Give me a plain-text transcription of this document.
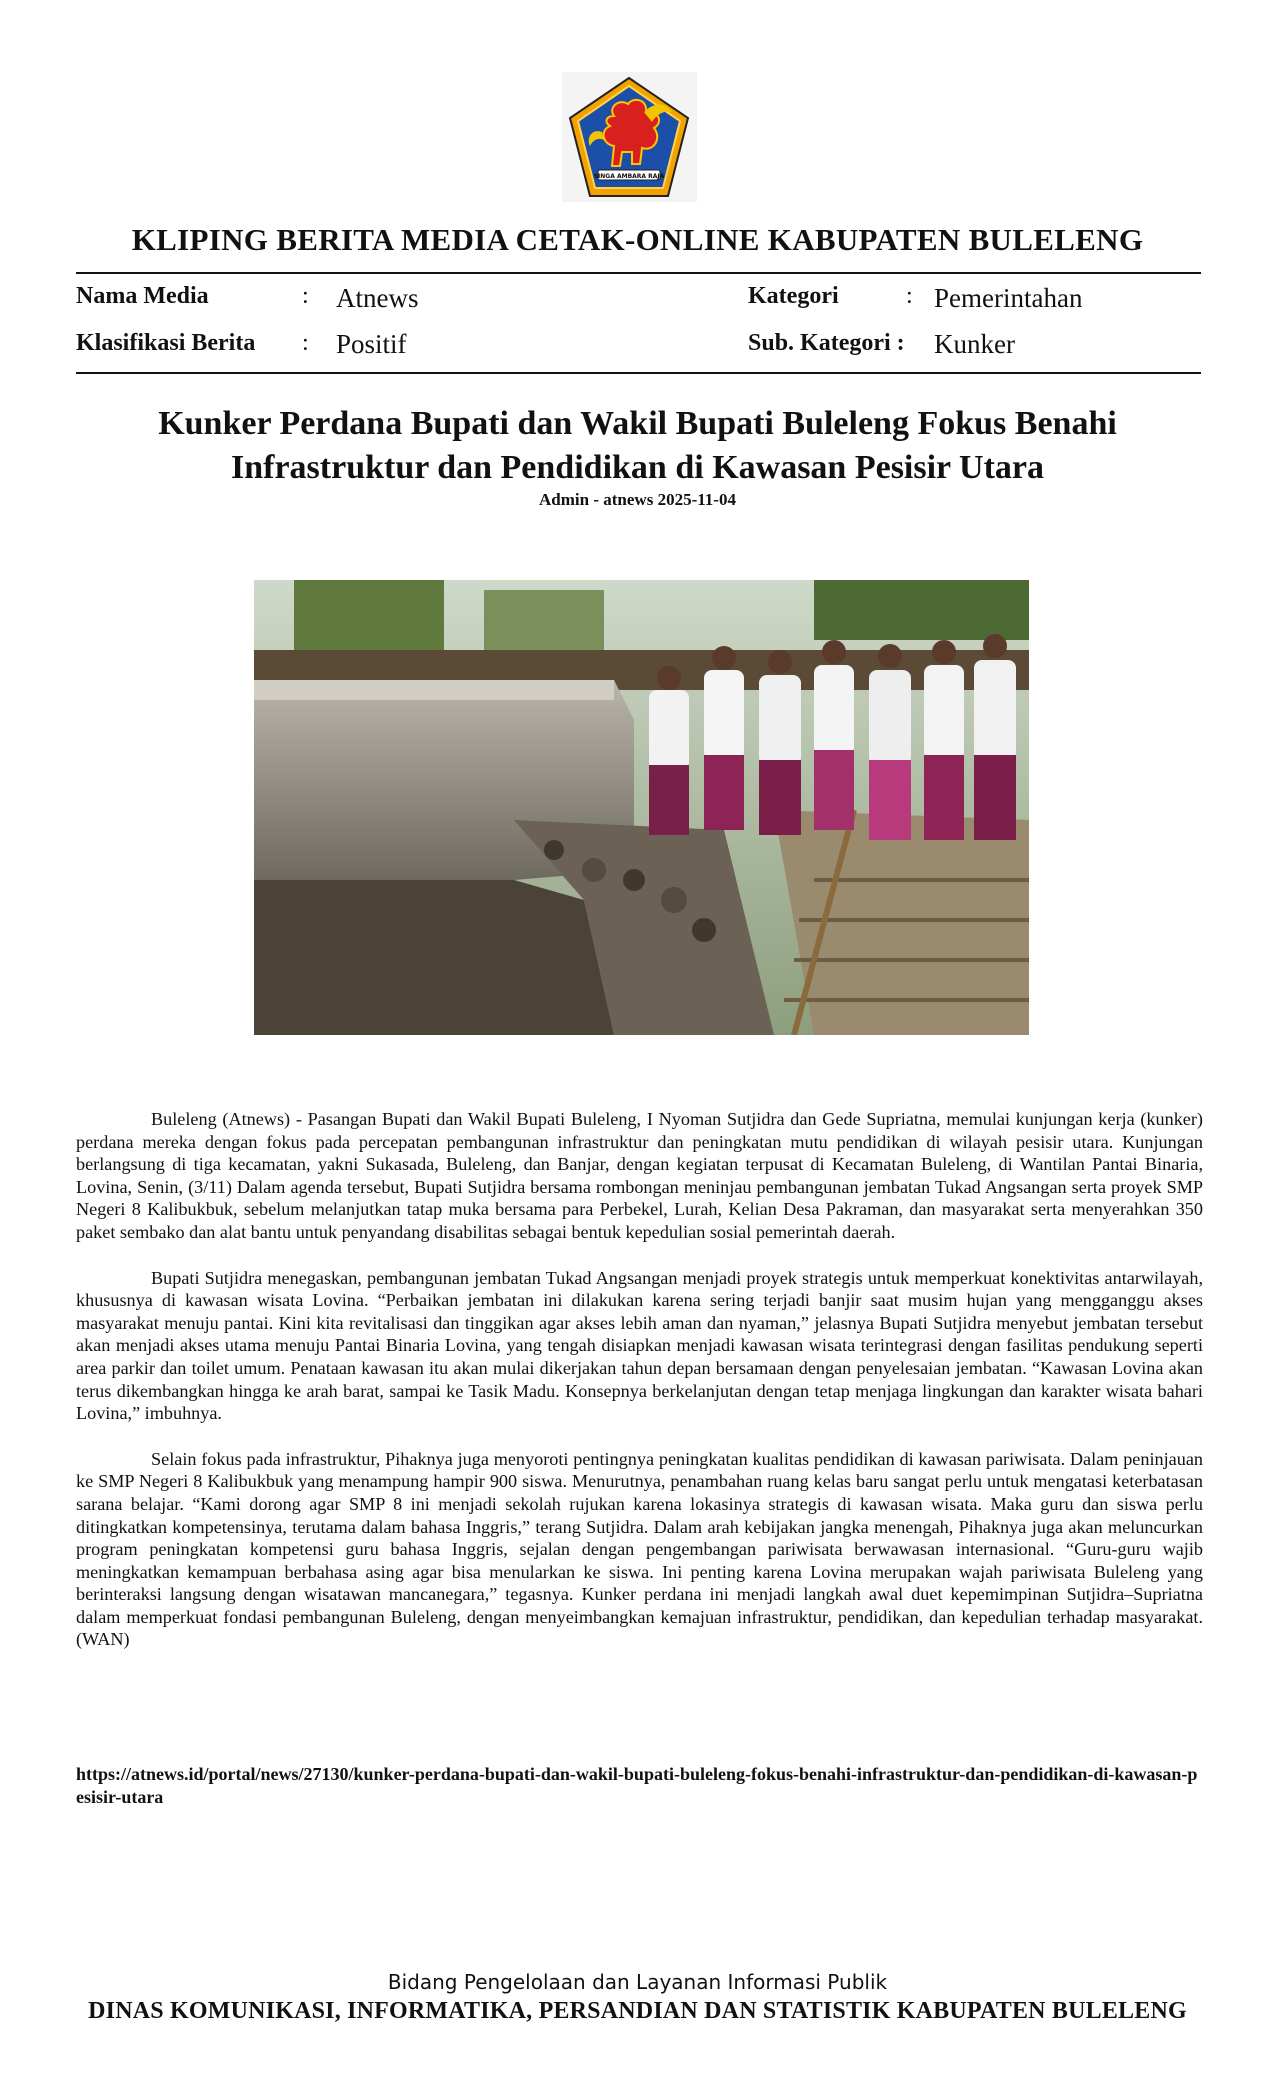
SINGA AMBARA RAJA
KLIPING BERITA MEDIA CETAK-ONLINE KABUPATEN BULELENG
Nama Media	: Atnews
Klasifikasi Berita : Positif
Kategori	: Pemerintahan
Sub. Kategori : Kunker
Kunker Perdana Bupati dan Wakil Bupati Buleleng Fokus Benahi
Infrastruktur dan Pendidikan di Kawasan Pesisir Utara
Admin - atnews 2025-11-04

Buleleng (Atnews) - Pasangan Bupati dan Wakil Bupati Buleleng, I Nyoman Sutjidra dan Gede Supriatna, memulai kunjungan kerja (kunker) perdana mereka dengan fokus pada percepatan pembangunan infrastruktur dan peningkatan mutu pendidikan di wilayah pesisir utara. Kunjungan berlangsung di tiga kecamatan, yakni Sukasada, Buleleng, dan Banjar, dengan kegiatan terpusat di Kecamatan Buleleng, di Wantilan Pantai Binaria, Lovina, Senin, (3/11) Dalam agenda tersebut, Bupati Sutjidra bersama rombongan meninjau pembangunan jembatan Tukad Angsangan serta proyek SMP Negeri 8 Kalibukbuk, sebelum melanjutkan tatap muka bersama para Perbekel, Lurah, Kelian Desa Pakraman, dan masyarakat serta menyerahkan 350 paket sembako dan alat bantu untuk penyandang disabilitas sebagai bentuk kepedulian sosial pemerintah daerah.

Bupati Sutjidra menegaskan, pembangunan jembatan Tukad Angsangan menjadi proyek strategis untuk memperkuat konektivitas antarwilayah, khususnya di kawasan wisata Lovina. “Perbaikan jembatan ini dilakukan karena sering terjadi banjir saat musim hujan yang mengganggu akses masyarakat menuju pantai. Kini kita revitalisasi dan tinggikan agar akses lebih aman dan nyaman,” jelasnya Bupati Sutjidra menyebut jembatan tersebut akan menjadi akses utama menuju Pantai Binaria Lovina, yang tengah disiapkan menjadi kawasan wisata terintegrasi dengan fasilitas pendukung seperti area parkir dan toilet umum. Penataan kawasan itu akan mulai dikerjakan tahun depan bersamaan dengan penyelesaian jembatan. “Kawasan Lovina akan terus dikembangkan hingga ke arah barat, sampai ke Tasik Madu. Konsepnya berkelanjutan dengan tetap menjaga lingkungan dan karakter wisata bahari Lovina,” imbuhnya.

Selain fokus pada infrastruktur, Pihaknya juga menyoroti pentingnya peningkatan kualitas pendidikan di kawasan pariwisata. Dalam peninjauan ke SMP Negeri 8 Kalibukbuk yang menampung hampir 900 siswa. Menurutnya, penambahan ruang kelas baru sangat perlu untuk mengatasi keterbatasan sarana belajar. “Kami dorong agar SMP 8 ini menjadi sekolah rujukan karena lokasinya strategis di kawasan wisata. Maka guru dan siswa perlu ditingkatkan kompetensinya, terutama dalam bahasa Inggris,” terang Sutjidra. Dalam arah kebijakan jangka menengah, Pihaknya juga akan meluncurkan program peningkatan kompetensi guru bahasa Inggris, sejalan dengan pengembangan pariwisata berwawasan internasional. “Guru-guru wajib meningkatkan kemampuan berbahasa asing agar bisa menularkan ke siswa. Ini penting karena Lovina merupakan wajah pariwisata Buleleng yang berinteraksi langsung dengan wisatawan mancanegara,” tegasnya. Kunker perdana ini menjadi langkah awal duet kepemimpinan Sutjidra–Supriatna dalam memperkuat fondasi pembangunan Buleleng, dengan menyeimbangkan kemajuan infrastruktur, pendidikan, dan kepedulian terhadap masyarakat. (WAN)

https://atnews.id/portal/news/27130/kunker-perdana-bupati-dan-wakil-bupati-buleleng-fokus-benahi-infrastruktur-dan-pendidikan-di-kawasan-pesisir-utara
Bidang Pengelolaan dan Layanan Informasi Publik
DINAS KOMUNIKASI, INFORMATIKA, PERSANDIAN DAN STATISTIK KABUPATEN BULELENG
